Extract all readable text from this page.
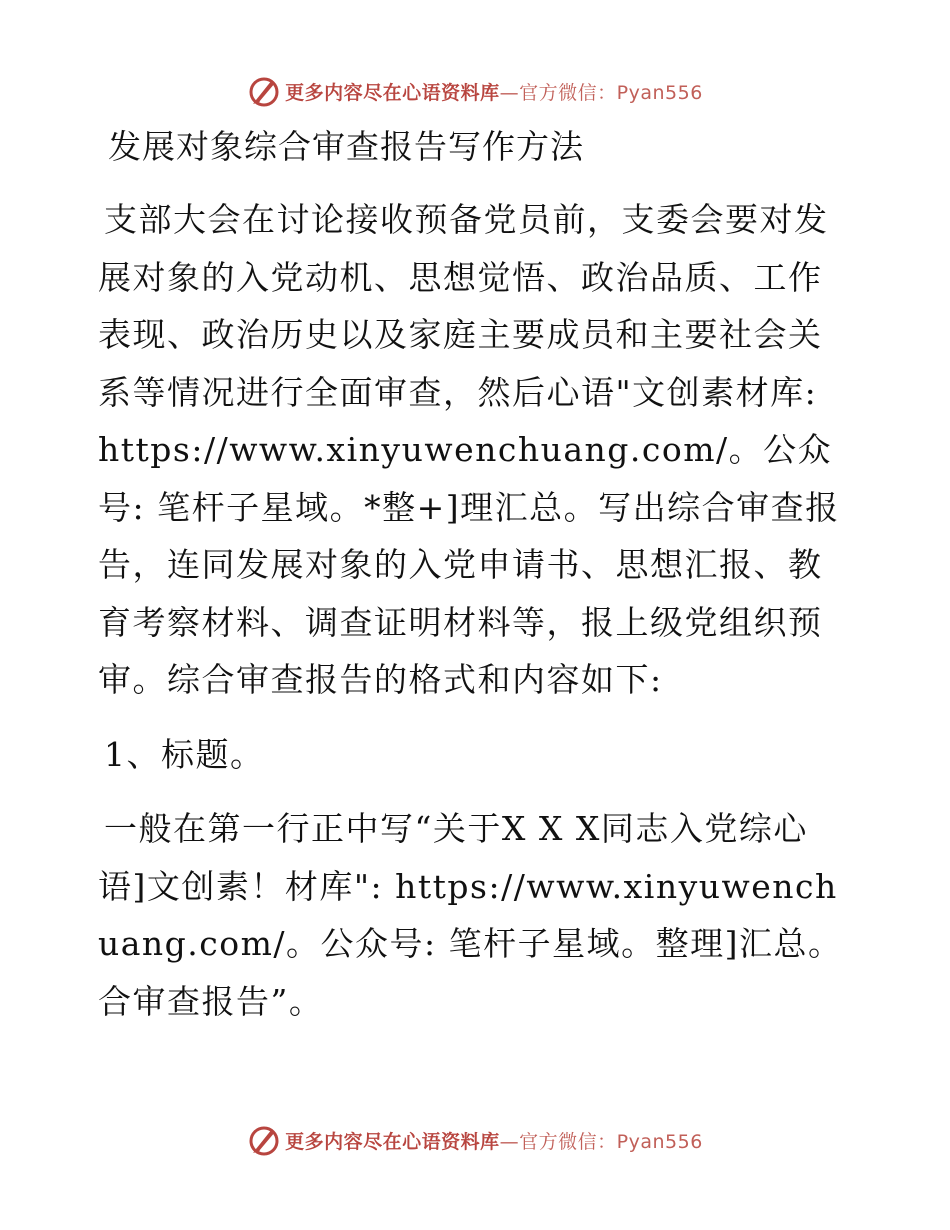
更多内容尽在心语资料库—官方微信：Pyan556
发展对象综合审查报告写作方法

支部大会在讨论接收预备党员前，支委会要对发展对象的入党动机、思想觉悟、政治品质、工作表现、政治历史以及家庭主要成员和主要社会关系等情况进行全面审查，然后心语"文创素材库: https://www.xinyuwenchuang.com/。公众号: 笔杆子星域。*整+]理汇总。写出综合审查报告，连同发展对象的入党申请书、思想汇报、教育考察材料、调查证明材料等，报上级党组织预审。综合审查报告的格式和内容如下:

1、标题。

一般在第一行正中写“关于X X X同志入党综心语]文创素！材库": https://www.xinyuwenchuang.com/。公众号: 笔杆子星域。整理]汇总。合审查报告”。

更多内容尽在心语资料库—官方微信：Pyan556
